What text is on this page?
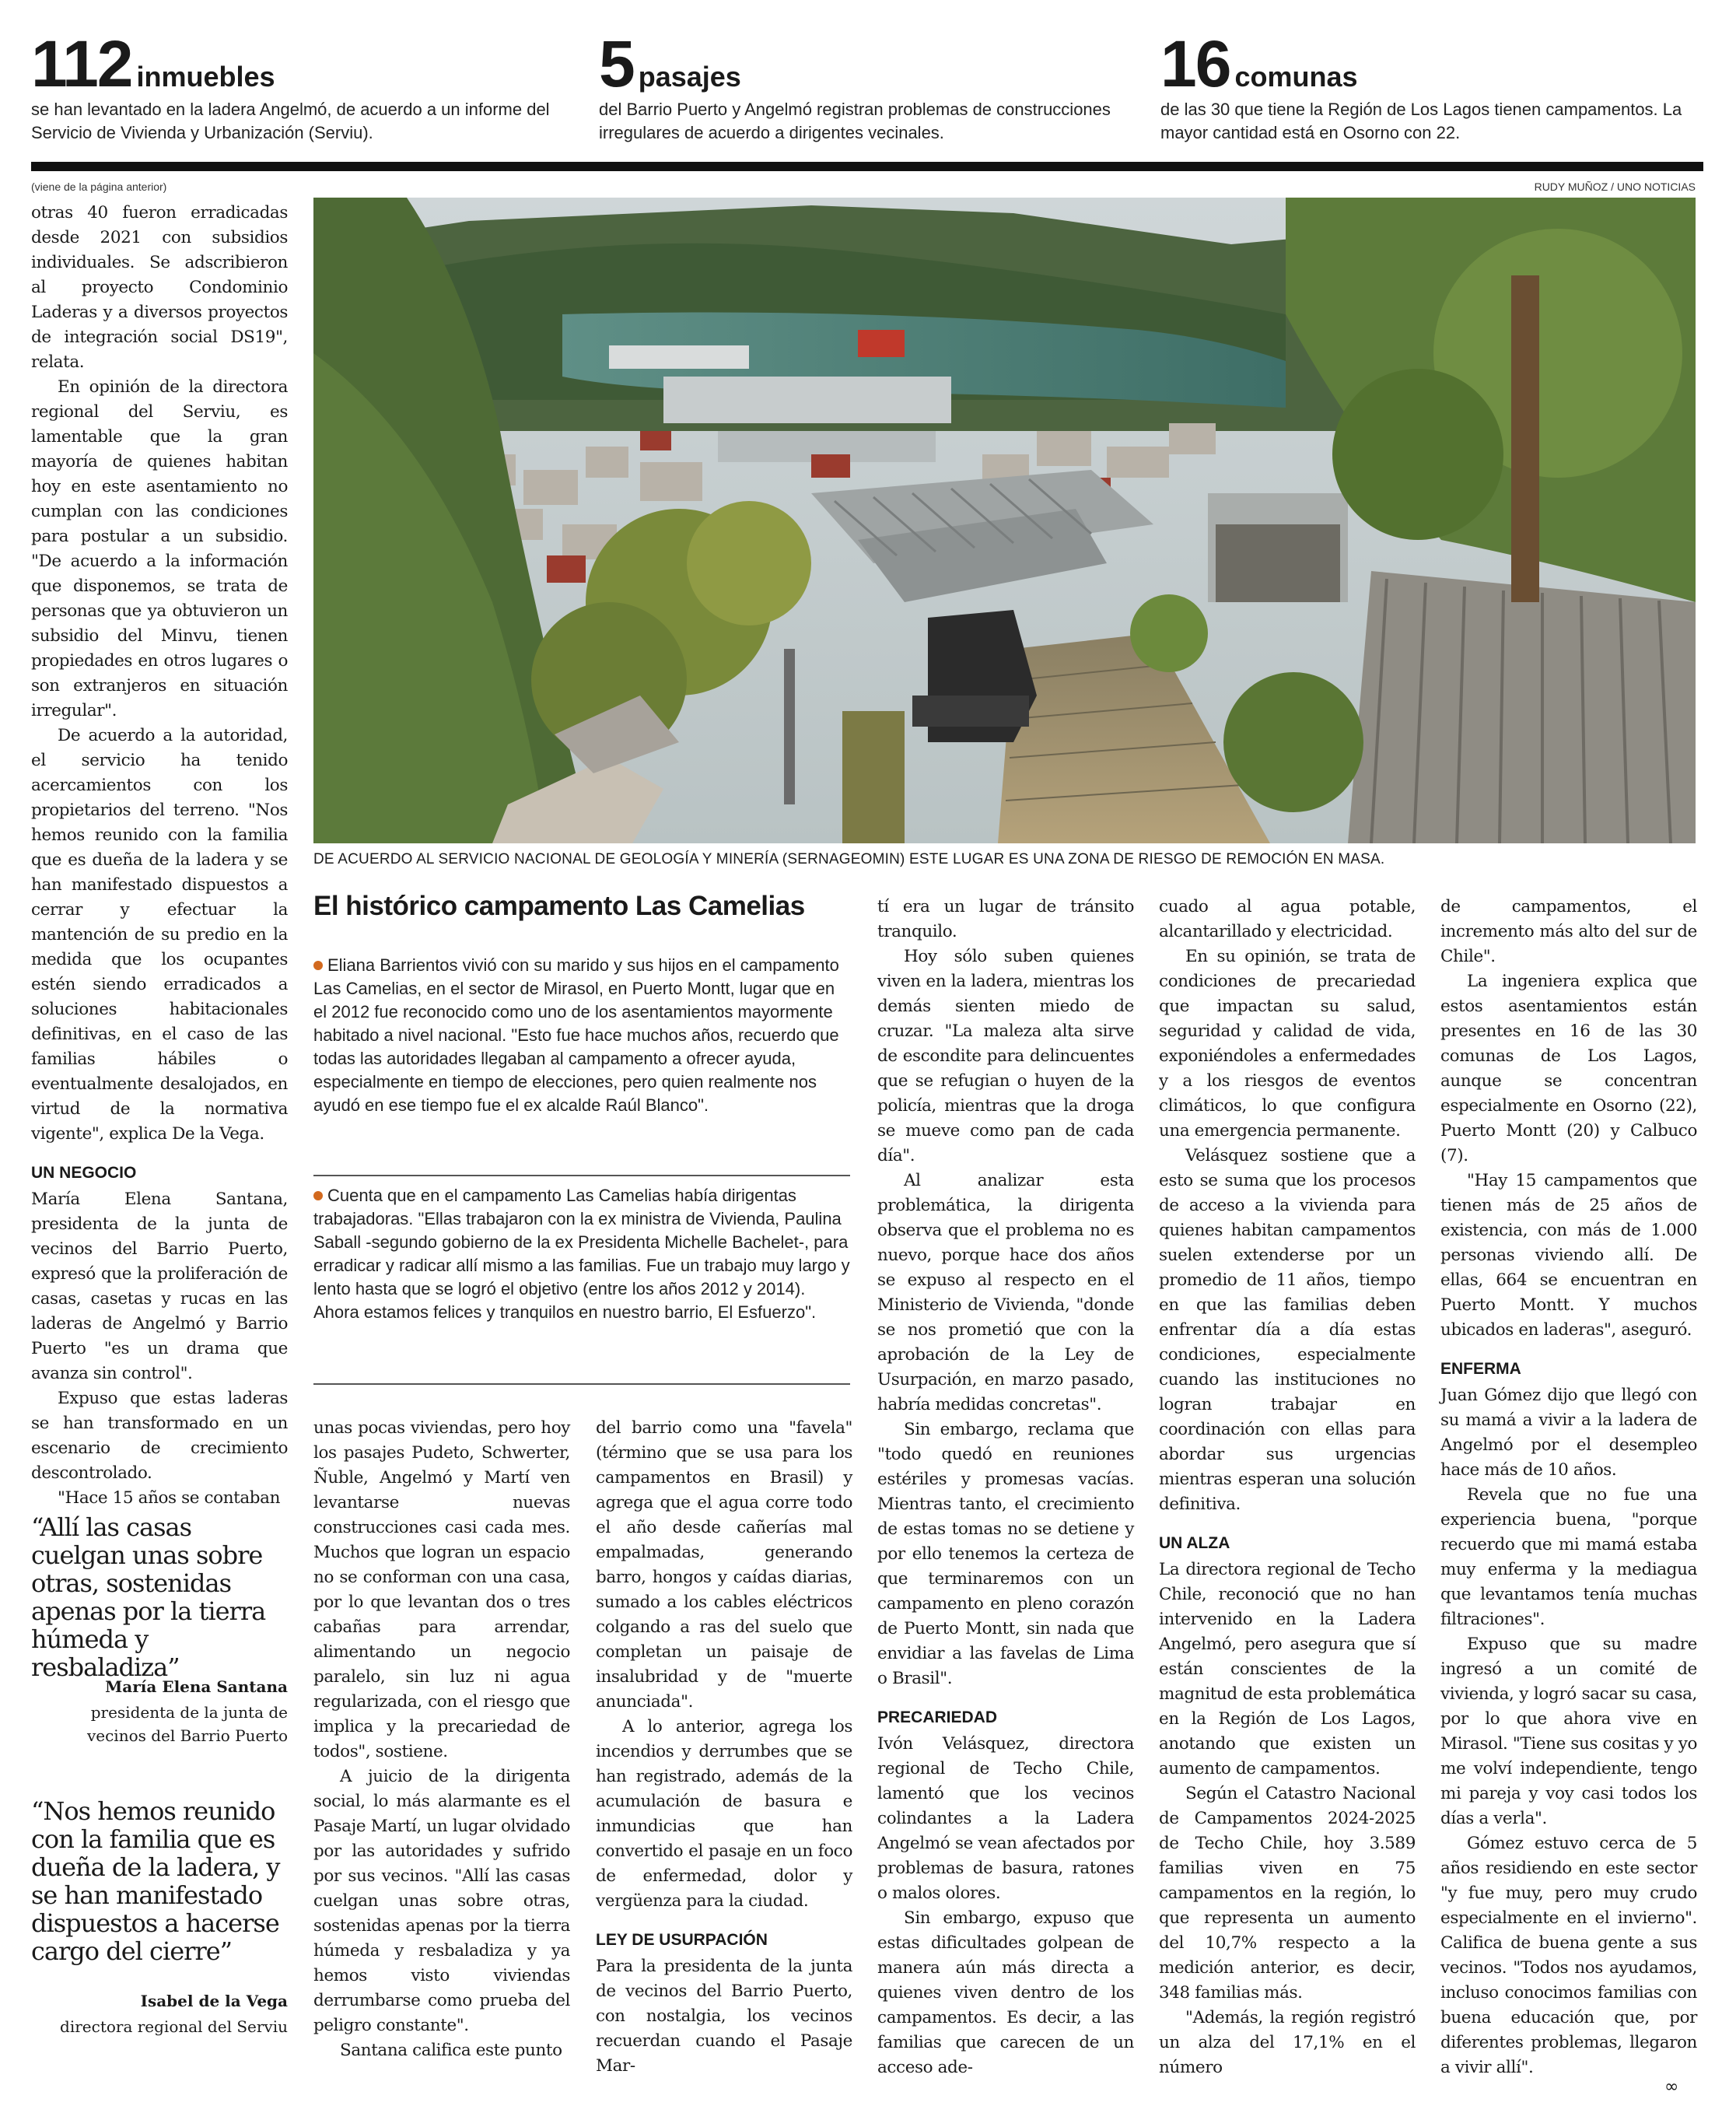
112 inmuebles
se han levantado en la ladera Angelmó, de acuerdo a un informe del Servicio de Vivienda y Urbanización (Serviu).
5 pasajes
del Barrio Puerto y Angelmó registran problemas de construcciones irregulares de acuerdo a dirigentes vecinales.
16 comunas
de las 30 que tiene la Región de Los Lagos tienen campamentos. La mayor cantidad está en Osorno con 22.
(viene de la página anterior)	RUDY MUÑOZ / UNO NOTICIAS

otras 40 fueron erradicadas desde 2021 con subsidios individuales. Se adscribieron al proyecto Condominio Laderas y a diversos proyectos de integración social DS19", relata.

En opinión de la directora regional del Serviu, es lamentable que la gran mayoría de quienes habitan hoy en este asentamiento no cumplan con las condiciones para postular a un subsidio. "De acuerdo a la información que disponemos, se trata de personas que ya obtuvieron un subsidio del Minvu, tienen propiedades en otros lugares o son extranjeros en situación irregular".

De acuerdo a la autoridad, el servicio ha tenido acercamientos con los propietarios del terreno. "Nos hemos reunido con la familia que es dueña de la ladera y se han manifestado dispuestos a cerrar y efectuar la mantención de su predio en la medida que los ocupantes estén siendo erradicados a soluciones habitacionales definitivas, en el caso de las familias hábiles o eventualmente desalojados, en virtud de la normativa vigente", explica De la Vega.

UN NEGOCIO

María Elena Santana, presidenta de la junta de vecinos del Barrio Puerto, expresó que la proliferación de casas, casetas y rucas en las laderas de Angelmó y Barrio Puerto "es un drama que avanza sin control".

Expuso que estas laderas se han transformado en un escenario de crecimiento descontrolado.

"Hace 15 años se contaban

“Allí las casas cuelgan unas sobre otras, sostenidas apenas por la tierra húmeda y resbaladiza”
María Elena Santana
presidenta de la junta de vecinos del Barrio Puerto
“Nos hemos reunido con la familia que es dueña de la ladera, y se han manifestado dispuestos a hacerse cargo del cierre”
Isabel de la Vega
directora regional del Serviu
DE ACUERDO AL SERVICIO NACIONAL DE GEOLOGÍA Y MINERÍA (SERNAGEOMIN) ESTE LUGAR ES UNA ZONA DE RIESGO DE REMOCIÓN EN MASA.
El histórico campamento Las Camelias
Eliana Barrientos vivió con su marido y sus hijos en el campamento Las Camelias, en el sector de Mirasol, en Puerto Montt, lugar que en el 2012 fue reconocido como uno de los asentamientos mayormente habitado a nivel nacional. "Esto fue hace muchos años, recuerdo que todas las autoridades llegaban al campamento a ofrecer ayuda, especialmente en tiempo de elecciones, pero quien realmente nos ayudó en ese tiempo fue el ex alcalde Raúl Blanco".
Cuenta que en el campamento Las Camelias había dirigentas trabajadoras. "Ellas trabajaron con la ex ministra de Vivienda, Paulina Saball -segundo gobierno de la ex Presidenta Michelle Bachelet-, para erradicar y radicar allí mismo a las familias. Fue un trabajo muy largo y lento hasta que se logró el objetivo (entre los años 2012 y 2014). Ahora estamos felices y tranquilos en nuestro barrio, El Esfuerzo".

unas pocas viviendas, pero hoy los pasajes Pudeto, Schwerter, Ñuble, Angelmó y Martí ven levantarse nuevas construcciones casi cada mes. Muchos que logran un espacio no se conforman con una casa, por lo que levantan dos o tres cabañas para arrendar, alimentando un negocio paralelo, sin luz ni agua regularizada, con el riesgo que implica y la precariedad de todos", sostiene.

A juicio de la dirigenta social, lo más alarmante es el Pasaje Martí, un lugar olvidado por las autoridades y sufrido por sus vecinos. "Allí las casas cuelgan unas sobre otras, sostenidas apenas por la tierra húmeda y resbaladiza y ya hemos visto viviendas derrumbarse como prueba del peligro constante".

Santana califica este punto

del barrio como una "favela" (término que se usa para los campamentos en Brasil) y agrega que el agua corre todo el año desde cañerías mal empalmadas, generando barro, hongos y caídas diarias, sumado a los cables eléctricos colgando a ras del suelo que completan un paisaje de insalubridad y de "muerte anunciada".

A lo anterior, agrega los incendios y derrumbes que se han registrado, además de la acumulación de basura e inmundicias que han convertido el pasaje en un foco de enfermedad, dolor y vergüenza para la ciudad.

LEY DE USURPACIÓN

Para la presidenta de la junta de vecinos del Barrio Puerto, con nostalgia, los vecinos recuerdan cuando el Pasaje Mar-

tí era un lugar de tránsito tranquilo.

Hoy sólo suben quienes viven en la ladera, mientras los demás sienten miedo de cruzar. "La maleza alta sirve de escondite para delincuentes que se refugian o huyen de la policía, mientras que la droga se mueve como pan de cada día".

Al analizar esta problemática, la dirigenta observa que el problema no es nuevo, porque hace dos años se expuso al respecto en el Ministerio de Vivienda, "donde se nos prometió que con la aprobación de la Ley de Usurpación, en marzo pasado, habría medidas concretas".

Sin embargo, reclama que "todo quedó en reuniones estériles y promesas vacías. Mientras tanto, el crecimiento de estas tomas no se detiene y por ello tenemos la certeza de que terminaremos con un campamento en pleno corazón de Puerto Montt, sin nada que envidiar a las favelas de Lima o Brasil".

PRECARIEDAD

Ivón Velásquez, directora regional de Techo Chile, lamentó que los vecinos colindantes a la Ladera Angelmó se vean afectados por problemas de basura, ratones o malos olores.

Sin embargo, expuso que estas dificultades golpean de manera aún más directa a quienes viven dentro de los campamentos. Es decir, a las familias que carecen de un acceso ade-

cuado al agua potable, alcantarillado y electricidad.

En su opinión, se trata de condiciones de precariedad que impactan su salud, seguridad y calidad de vida, exponiéndoles a enfermedades y a los riesgos de eventos climáticos, lo que configura una emergencia permanente.

Velásquez sostiene que a esto se suma que los procesos de acceso a la vivienda para quienes habitan campamentos suelen extenderse por un promedio de 11 años, tiempo en que las familias deben enfrentar día a día estas condiciones, especialmente cuando las instituciones no logran trabajar en coordinación con ellas para abordar sus urgencias mientras esperan una solución definitiva.

UN ALZA

La directora regional de Techo Chile, reconoció que no han intervenido en la Ladera Angelmó, pero asegura que sí están conscientes de la magnitud de esta problemática en la Región de Los Lagos, anotando que existen un aumento de campamentos.

Según el Catastro Nacional de Campamentos 2024-2025 de Techo Chile, hoy 3.589 familias viven en 75 campamentos en la región, lo que representa un aumento del 10,7% respecto a la medición anterior, es decir, 348 familias más.

"Además, la región registró un alza del 17,1% en el número

de campamentos, el incremento más alto del sur de Chile".

La ingeniera explica que estos asentamientos están presentes en 16 de las 30 comunas de Los Lagos, aunque se concentran especialmente en Osorno (22), Puerto Montt (20) y Calbuco (7).

"Hay 15 campamentos que tienen más de 25 años de existencia, con más de 1.000 personas viviendo allí. De ellas, 664 se encuentran en Puerto Montt. Y muchos ubicados en laderas", aseguró.

ENFERMA

Juan Gómez dijo que llegó con su mamá a vivir a la ladera de Angelmó por el desempleo hace más de 10 años.

Revela que no fue una experiencia buena, "porque recuerdo que mi mamá estaba muy enferma y la mediagua que levantamos tenía muchas filtraciones".

Expuso que su madre ingresó a un comité de vivienda, y logró sacar su casa, por lo que ahora vive en Mirasol. "Tiene sus cositas y yo me volví independiente, tengo mi pareja y voy casi todos los días a verla".

Gómez estuvo cerca de 5 años residiendo en este sector "y fue muy, pero muy crudo especialmente en el invierno". Califica de buena gente a sus vecinos. "Todos nos ayudamos, incluso conocimos familias con buena educación que, por diferentes problemas, llegaron a vivir allí".

∞
